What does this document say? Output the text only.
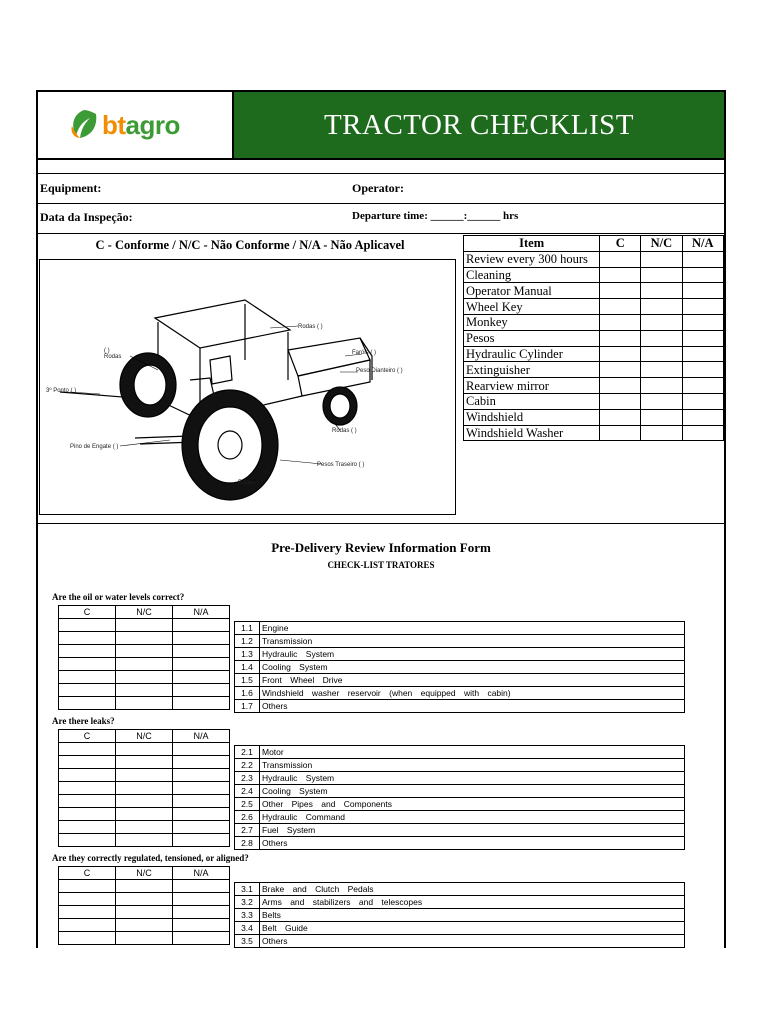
btagro	TRACTOR CHECKLIST
Equipment:	Operator:
Data da Inspeção:	Departure time: ______:______ hrs
C - Conforme / N/C - Não Conforme / N/A - Não Aplicavel
Rodas ( )
( )
Rodas
Faróis ( )
Peso Dianteiro ( )
Rodas ( )
3º Ponto ( )
Pino de Engate ( )
Pesos Traseiro ( )
Rodas ( )
Item	C	N/C	N/A
Review every 300 hours			
Cleaning			
Operator Manual			
Wheel Key			
Monkey			
Pesos			
Hydraulic Cylinder			
Extinguisher			
Rearview mirror			
Cabin			
Windshield			
Windshield Washer			
Pre-Delivery Review Information Form
CHECK-LIST TRATORES
Are the oil or water levels correct?
C	N/C	N/A

1.1	Engine
1.2	Transmission
1.3	Hydraulic System
1.4	Cooling System
1.5	Front Wheel Drive
1.6	Windshield washer reservoir (when equipped with cabin)
1.7	Others
Are there leaks?
C	N/C	N/A

2.1	Motor
2.2	Transmission
2.3	Hydraulic System
2.4	Cooling System
2.5	Other Pipes and Components
2.6	Hydraulic Command
2.7	Fuel System
2.8	Others
Are they correctly regulated, tensioned, or aligned?
C	N/C	N/A

3.1	Brake and Clutch Pedals
3.2	Arms and stabilizers and telescopes
3.3	Belts
3.4	Belt Guide
3.5	Others
